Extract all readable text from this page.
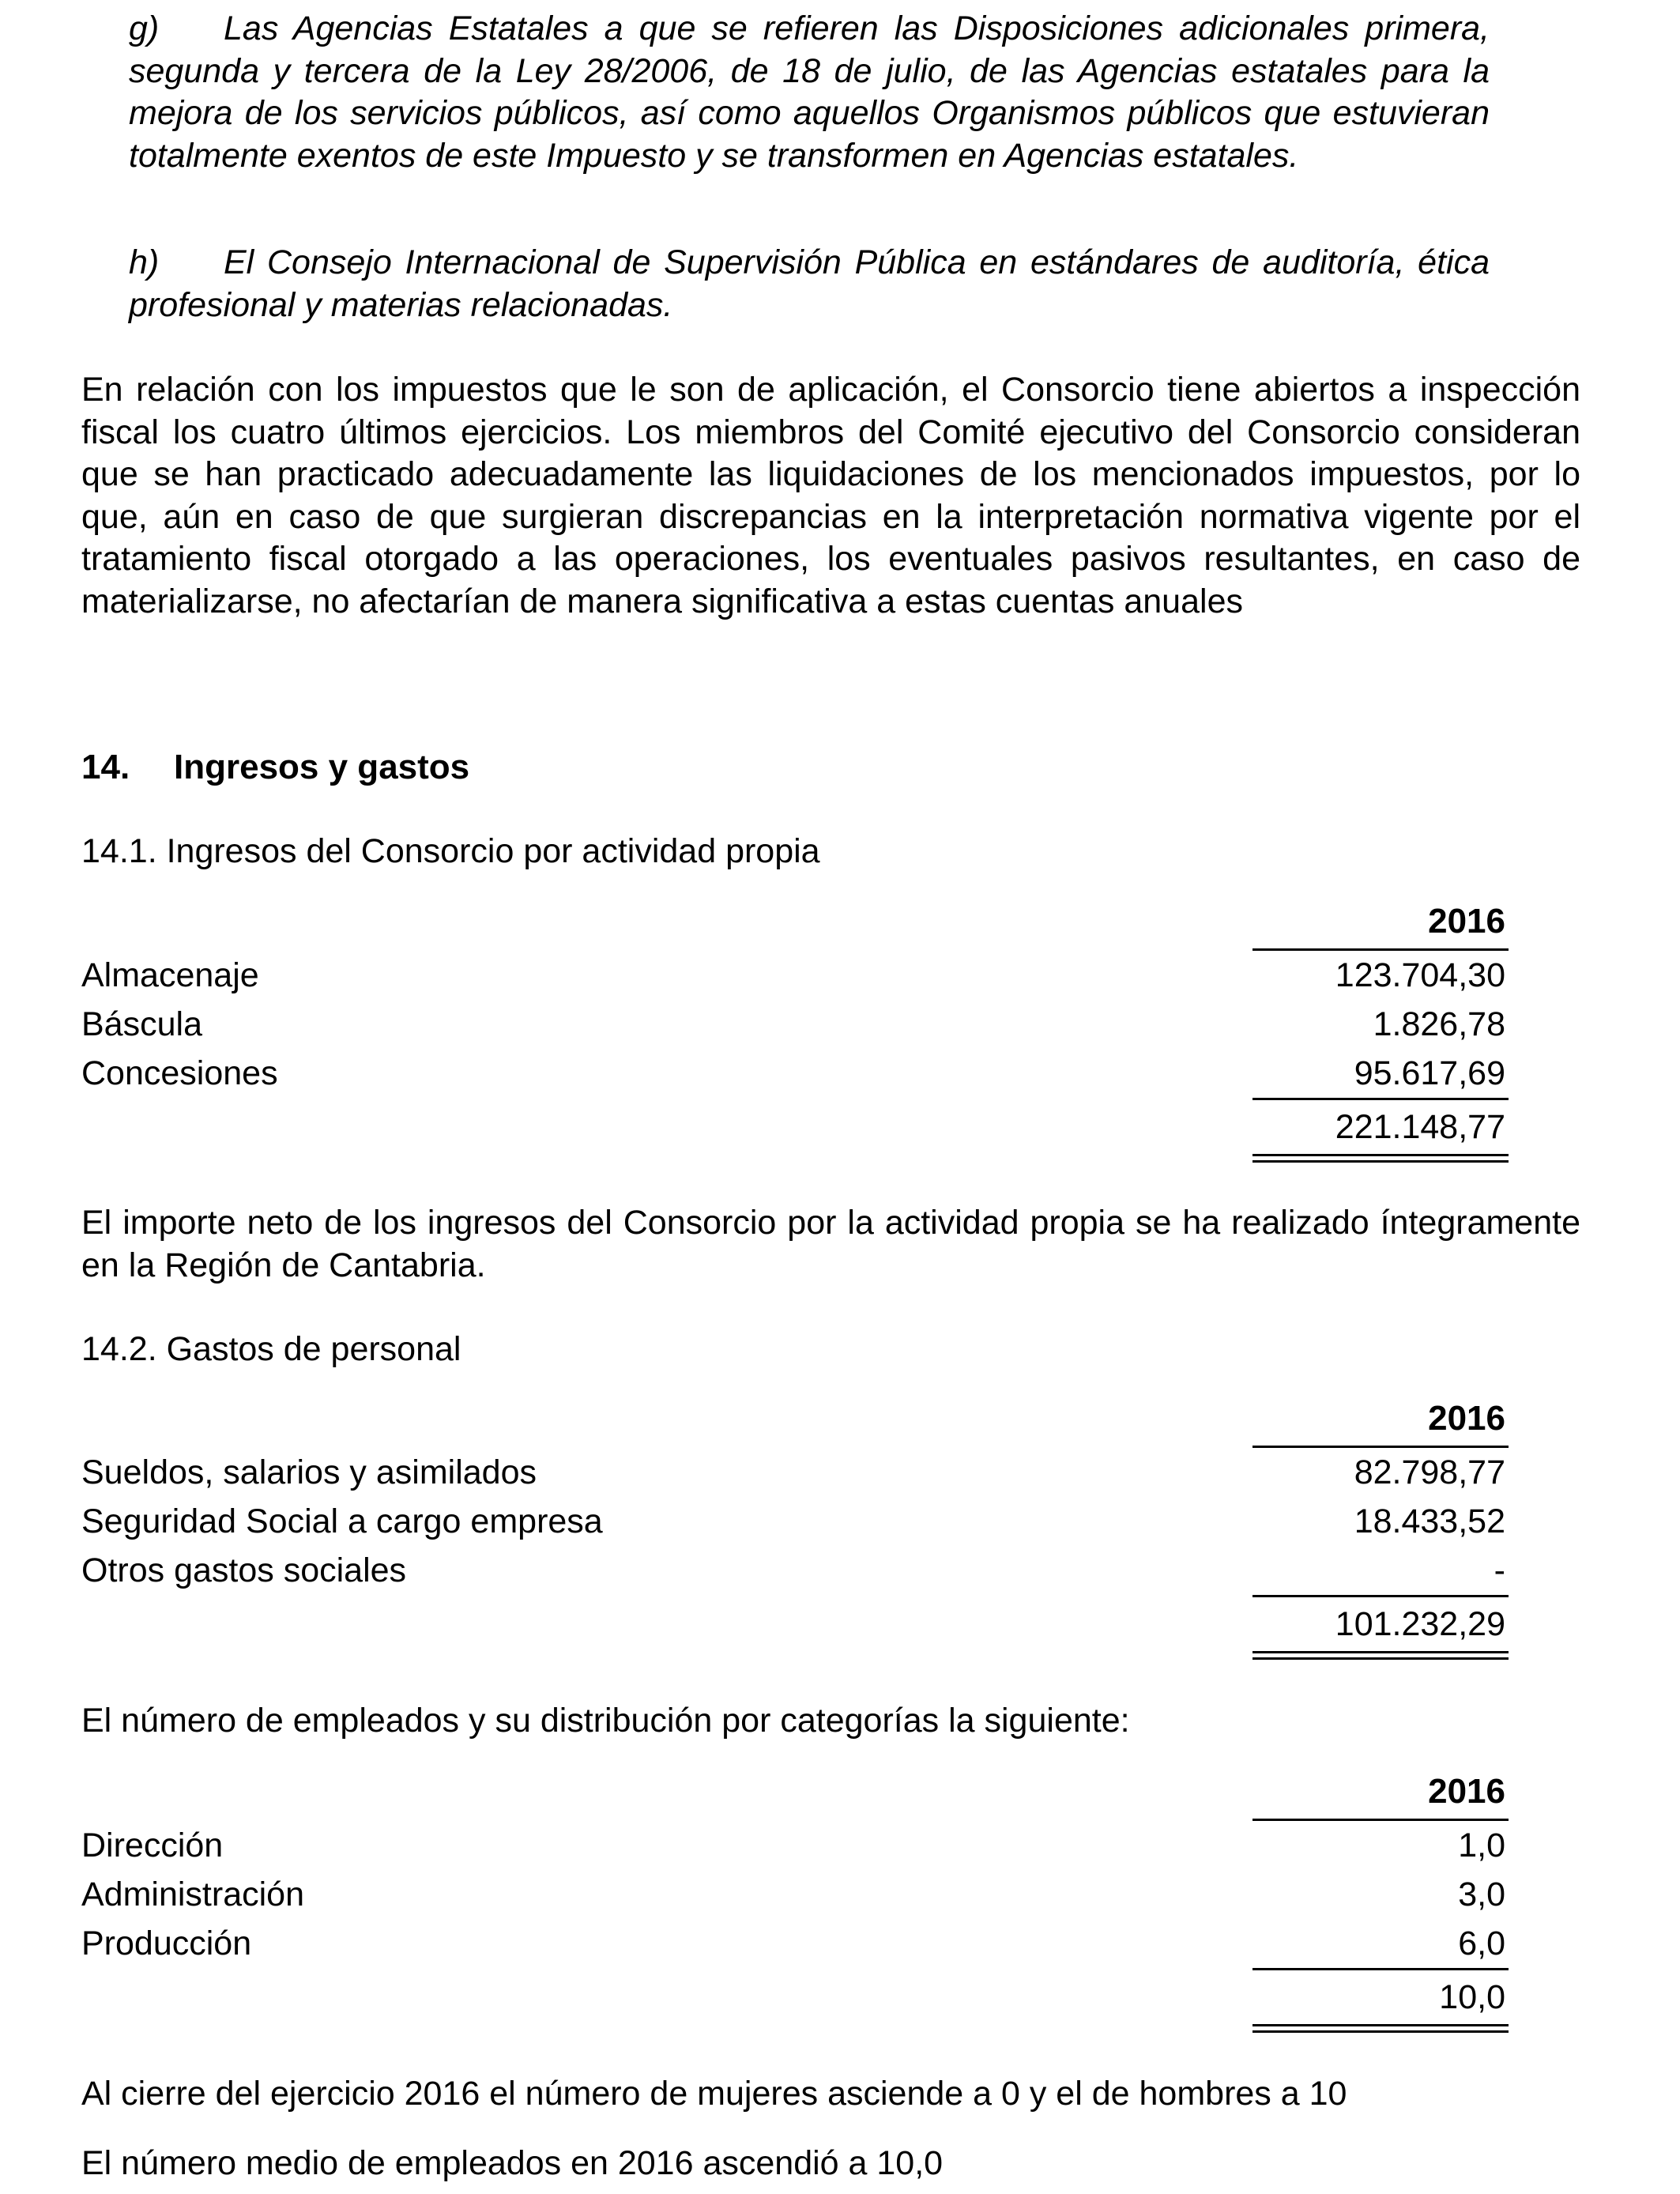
g) Las Agencias Estatales a que se refieren las Disposiciones adicionales primera, segunda y tercera de la Ley 28/2006, de 18 de julio, de las Agencias estatales para la mejora de los servicios públicos, así como aquellos Organismos públicos que estuvieran totalmente exentos de este Impuesto y se transformen en Agencias estatales.
h) El Consejo Internacional de Supervisión Pública en estándares de auditoría, ética profesional y materias relacionadas.
En relación con los impuestos que le son de aplicación, el Consorcio tiene abiertos a inspección fiscal los cuatro últimos ejercicios. Los miembros del Comité ejecutivo del Consorcio consideran que se han practicado adecuadamente las liquidaciones de los mencionados impuestos, por lo que, aún en caso de que surgieran discrepancias en la interpretación normativa vigente por el tratamiento fiscal otorgado a las operaciones, los eventuales pasivos resultantes, en caso de materializarse, no afectarían de manera significativa a estas cuentas anuales
14. Ingresos y gastos
14.1. Ingresos del Consorcio por actividad propia
2016
Almacenaje	123.704,30
Báscula	1.826,78
Concesiones	95.617,69
221.148,77
El importe neto de los ingresos del Consorcio por la actividad propia se ha realizado íntegramente en la Región de Cantabria.
14.2. Gastos de personal
2016
Sueldos, salarios y asimilados	82.798,77
Seguridad Social a cargo empresa	18.433,52
Otros gastos sociales	-
101.232,29
El número de empleados y su distribución por categorías la siguiente:
2016
Dirección	1,0
Administración	3,0
Producción	6,0
10,0
Al cierre del ejercicio 2016 el número de mujeres asciende a 0 y el de hombres a 10
El número medio de empleados en 2016 ascendió a 10,0
